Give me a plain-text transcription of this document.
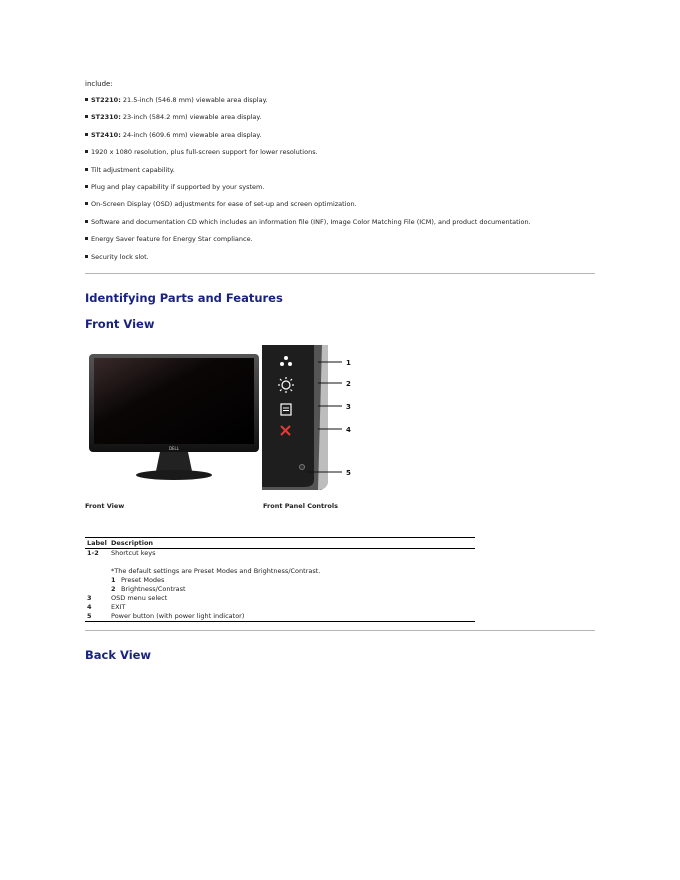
include:
ST2210: 21.5-inch (546.8 mm) viewable area display.
ST2310: 23-inch (584.2 mm) viewable area display.
ST2410: 24-inch (609.6 mm) viewable area display.
1920 x 1080 resolution, plus full-screen support for lower resolutions.
Tilt adjustment capability.
Plug and play capability if supported by your system.
On-Screen Display (OSD) adjustments for ease of set-up and screen optimization.
Software and documentation CD which includes an information file (INF), Image Color Matching File (ICM), and product documentation.
Energy Saver feature for Energy Star compliance.
Security lock slot.
Identifying Parts and Features
Front View
DELL
1
2
3
4
5
Front View	Front Panel Controls
Label	Description
1-2	Shortcut keys

	*The default settings are Preset Modes and Brightness/Contrast.
	1 Preset Modes
	2 Brightness/Contrast
3	OSD menu select
4	EXIT
5	Power button (with power light indicator)
Back View
